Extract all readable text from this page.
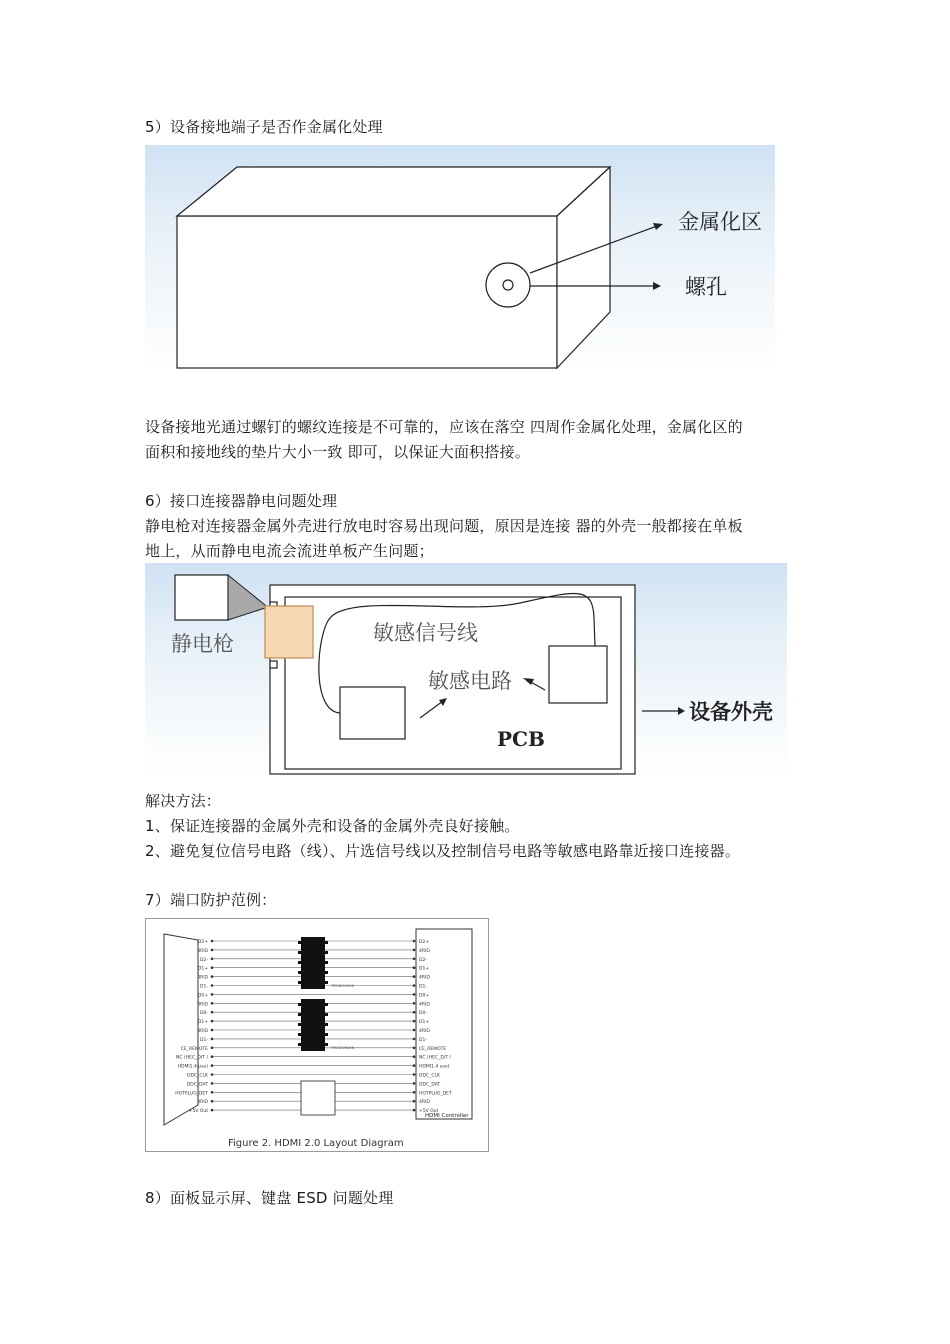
5）设备接地端子是否作金属化处理
金属化区
螺孔
设备接地光通过螺钉的螺纹连接是不可靠的，应该在落空 四周作金属化处理，金属化区的
面积和接地线的垫片大小一致 即可，以保证大面积搭接。
6）接口连接器静电问题处理
静电枪对连接器金属外壳进行放电时容易出现问题，原因是连接 器的外壳一般都接在单板
地上，从而静电电流会流进单板产生问题；
静电枪	敏感信号线
敏感电路
PCB
设备外壳
解决方法：
1、保证连接器的金属外壳和设备的金属外壳良好接触。
2、避免复位信号电路（线）、片选信号线以及控制信号电路等敏感电路靠近接口连接器。
7）端口防护范例：
D2+
4RID
D2-
D1+
4RID
D1-
D0+
4RID
D0-
D1+
4RID
D1-
CE_REMOTE
NC (HEC_D/T /
HDMI1.4 use)
DDC_CLK
DDC_DAT
HOTPLUG_DET
4RID
+5V Out
D2+
4RID
D2-
D1+
4RID
D1-
D0+
4RID
D0-
D1+
4RID
D1-
CE_REMOTE
NC (HEC_D/T /
HDMI1.4 use)
DDC_CLK
DDC_DAT
HOTPLUG_DET
4RID
+5V Out
TPD4E05U06
TPD4E05U06
HDMI Controller
Figure 2. HDMI 2.0 Layout Diagram
8）面板显示屏、键盘 ESD 问题处理
